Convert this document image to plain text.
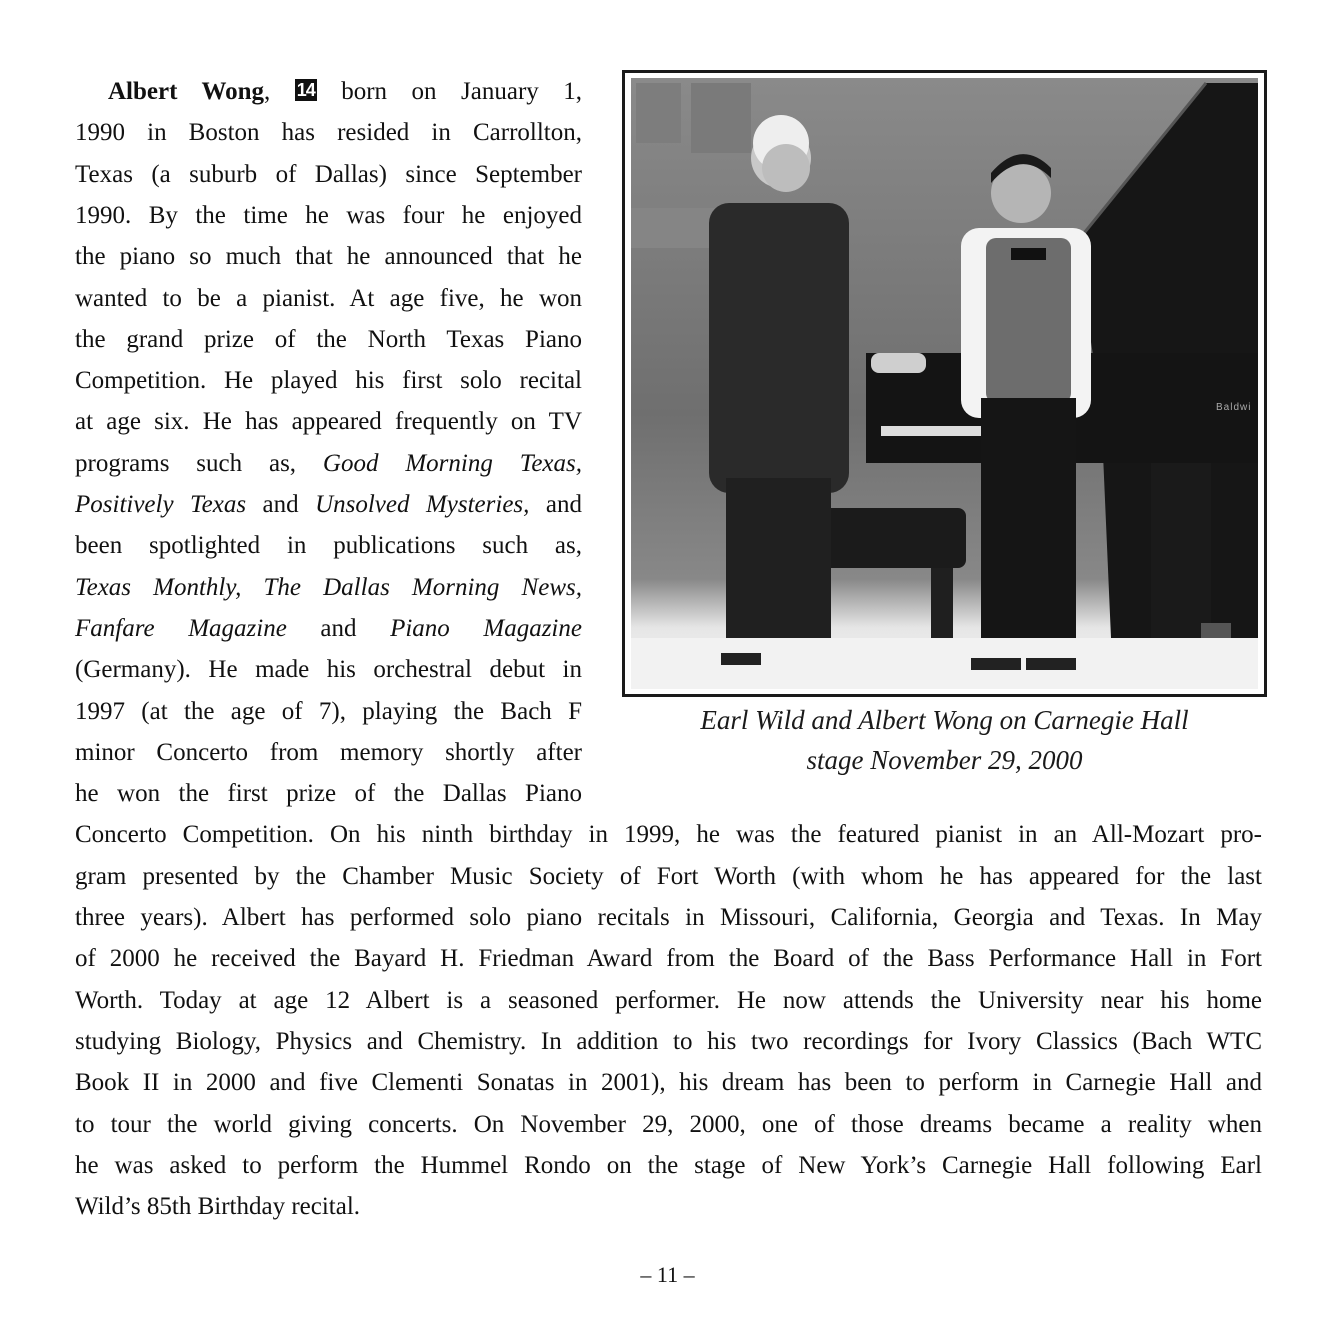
Albert Wong, 14 born on January 1,
1990 in Boston has resided in Carrollton,
Texas (a suburb of Dallas) since September
1990. By the time he was four he enjoyed
the piano so much that he announced that he
wanted to be a pianist. At age five, he won
the grand prize of the North Texas Piano
Competition. He played his first solo recital
at age six. He has appeared frequently on TV
programs such as, Good Morning Texas,
Positively Texas and Unsolved Mysteries, and
been spotlighted in publications such as,
Texas Monthly, The Dallas Morning News,
Fanfare Magazine and Piano Magazine
(Germany). He made his orchestral debut in
1997 (at the age of 7), playing the Bach F
minor Concerto from memory shortly after
he won the first prize of the Dallas Piano
Concerto Competition. On his ninth birthday in 1999, he was the featured pianist in an All-Mozart pro-
gram presented by the Chamber Music Society of Fort Worth (with whom he has appeared for the last
three years). Albert has performed solo piano recitals in Missouri, California, Georgia and Texas. In May
of 2000 he received the Bayard H. Friedman Award from the Board of the Bass Performance Hall in Fort
Worth. Today at age 12 Albert is a seasoned performer. He now attends the University near his home
studying Biology, Physics and Chemistry. In addition to his two recordings for Ivory Classics (Bach WTC
Book II in 2000 and five Clementi Sonatas in 2001), his dream has been to perform in Carnegie Hall and
to tour the world giving concerts. On November 29, 2000, one of those dreams became a reality when
he was asked to perform the Hummel Rondo on the stage of New York’s Carnegie Hall following Earl
Wild’s 85th Birthday recital.
Baldwi
Earl Wild and Albert Wong on Carnegie Hall
stage November 29, 2000
– 11 –
